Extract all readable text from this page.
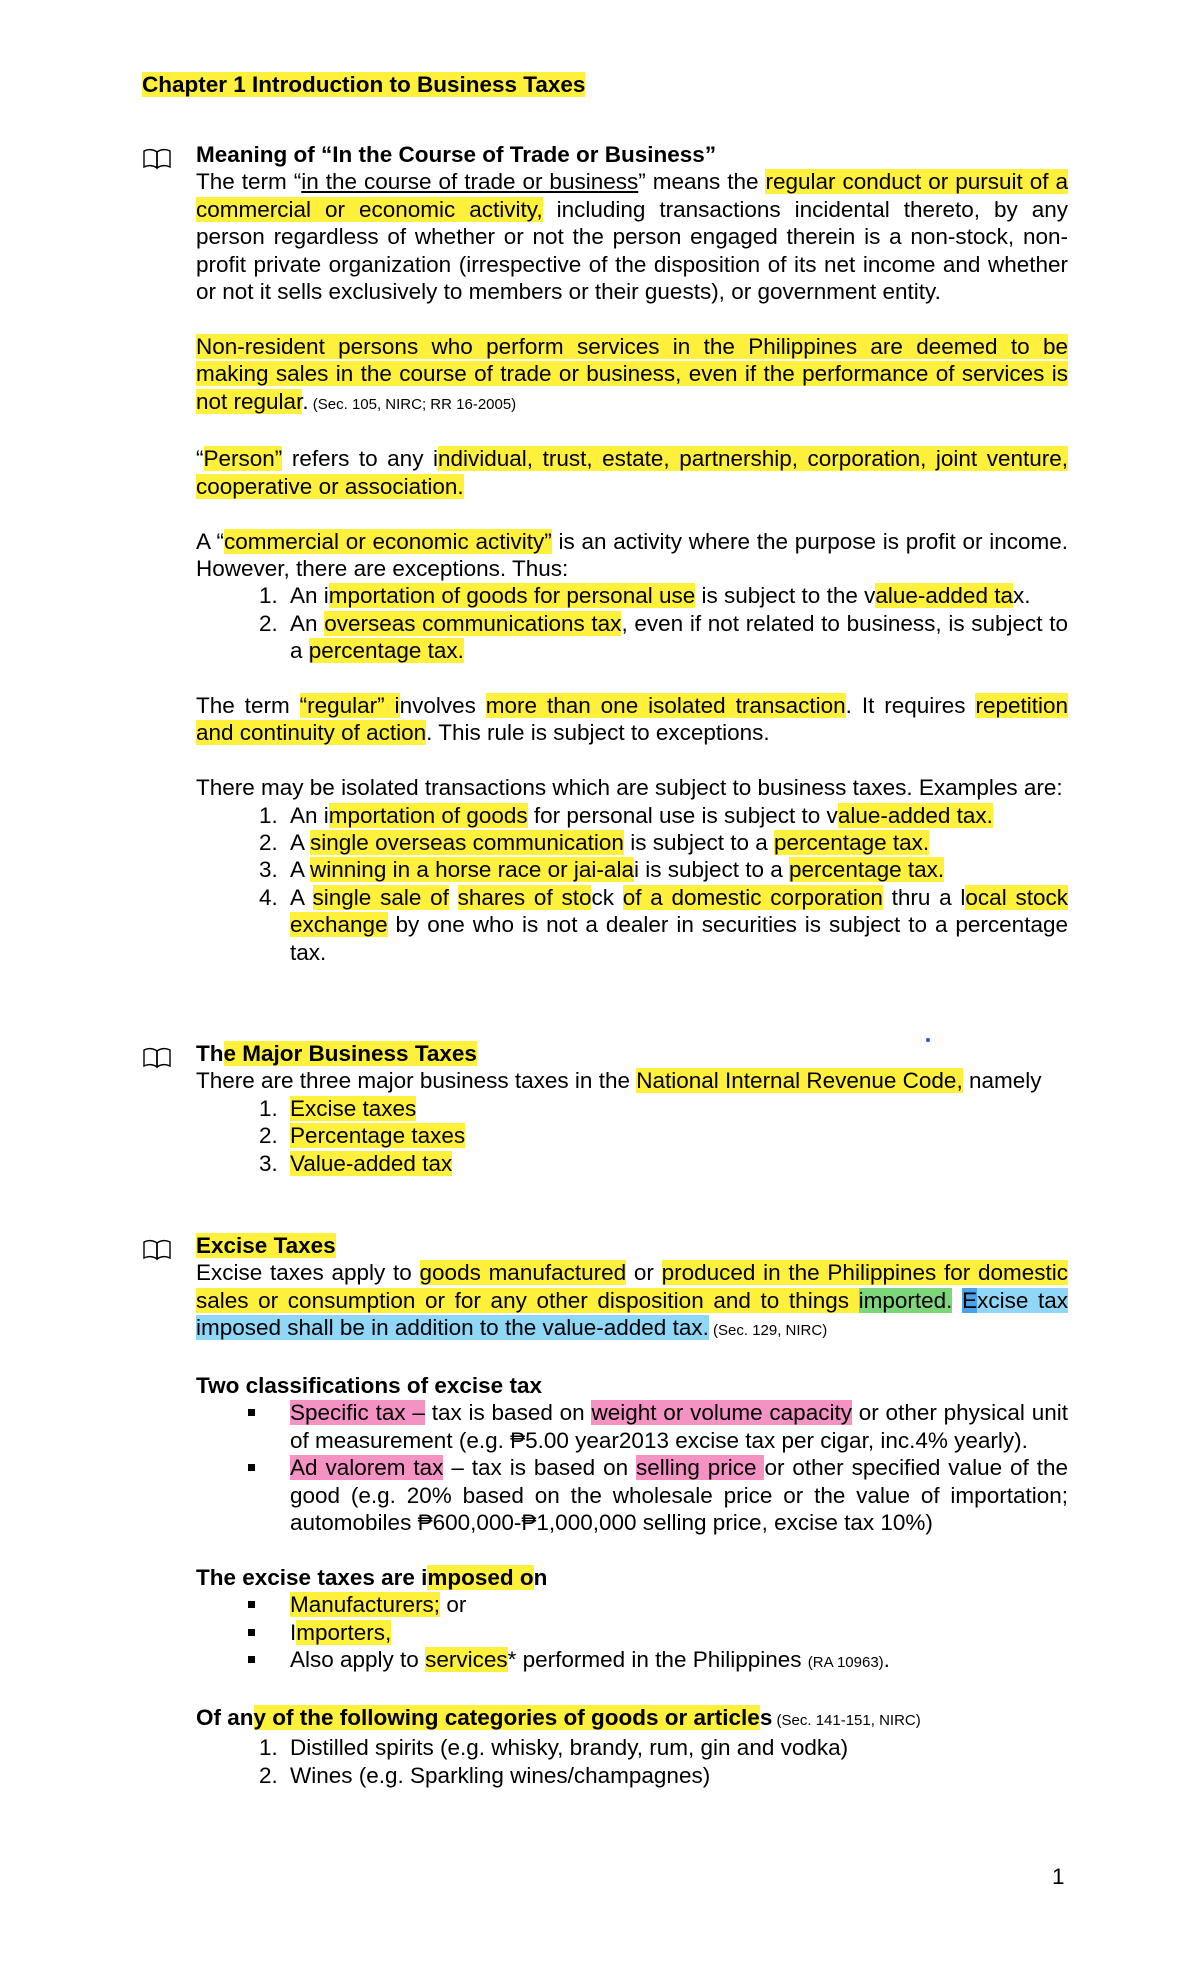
Chapter 1 Introduction to Business Taxes

Meaning of “In the Course of Trade or Business”

The term “in the course of trade or business” means the regular conduct or pursuit of a commercial or economic activity, including transactions incidental thereto, by any person regardless of whether or not the person engaged therein is a non-stock, non-profit private organization (irrespective of the disposition of its net income and whether or not it sells exclusively to members or their guests), or government entity.

Non-resident persons who perform services in the Philippines are deemed to be making sales in the course of trade or business, even if the performance of services is not regular. (Sec. 105, NIRC; RR 16-2005)

“Person” refers to any individual, trust, estate, partnership, corporation, joint venture, cooperative or association.

A “commercial or economic activity” is an activity where the purpose is profit or income. However, there are exceptions. Thus:

1. An importation of goods for personal use is subject to the value-added tax.
2. An overseas communications tax, even if not related to business, is subject to a percentage tax.

The term “regular” involves more than one isolated transaction. It requires repetition and continuity of action. This rule is subject to exceptions.

There may be isolated transactions which are subject to business taxes. Examples are:

1. An importation of goods for personal use is subject to value-added tax.
2. A single overseas communication is subject to a percentage tax.
3. A winning in a horse race or jai-alai is subject to a percentage tax.
4. A single sale of shares of stock of a domestic corporation thru a local stock exchange by one who is not a dealer in securities is subject to a percentage tax.

The Major Business Taxes

There are three major business taxes in the National Internal Revenue Code, namely

1. Excise taxes
2. Percentage taxes
3. Value-added tax

Excise Taxes

Excise taxes apply to goods manufactured or produced in the Philippines for domestic sales or consumption or for any other disposition and to things imported. Excise tax imposed shall be in addition to the value-added tax. (Sec. 129, NIRC)

Two classifications of excise tax

Specific tax – tax is based on weight or volume capacity or other physical unit of measurement (e.g. ₱5.00 year2013 excise tax per cigar, inc.4% yearly).
Ad valorem tax – tax is based on selling price or other specified value of the good (e.g. 20% based on the wholesale price or the value of importation; automobiles ₱600,000-₱1,000,000 selling price, excise tax 10%)

The excise taxes are imposed on

Manufacturers; or
Importers,
Also apply to services* performed in the Philippines (RA 10963).

Of any of the following categories of goods or articles (Sec. 141-151, NIRC)

1. Distilled spirits (e.g. whisky, brandy, rum, gin and vodka)
2. Wines (e.g. Sparkling wines/champagnes)
1
